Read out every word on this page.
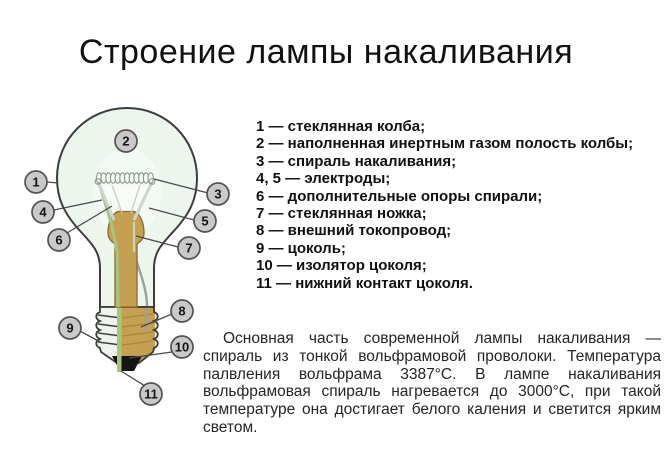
Строение лампы накаливания
1
2
3
4
5
6
7
8
9
10
11
1 — стеклянная колба;
2 — наполненная инертным газом полость колбы;
3 — спираль накаливания;
4, 5 — электроды;
6 — дополнительные опоры спирали;
7 — стеклянная ножка;
8 — внешний токопровод;
9 — цоколь;
10 — изолятор цоколя;
11 — нижний контакт цоколя.

Основная часть современной лампы накаливания — спираль из тонкой вольфрамовой проволоки. Температура палвления вольфрама 3387°C. В лампе накаливания вольфрамовая спираль нагревается до 3000°C, при такой температуре она достигает белого каления и светится ярким светом.
